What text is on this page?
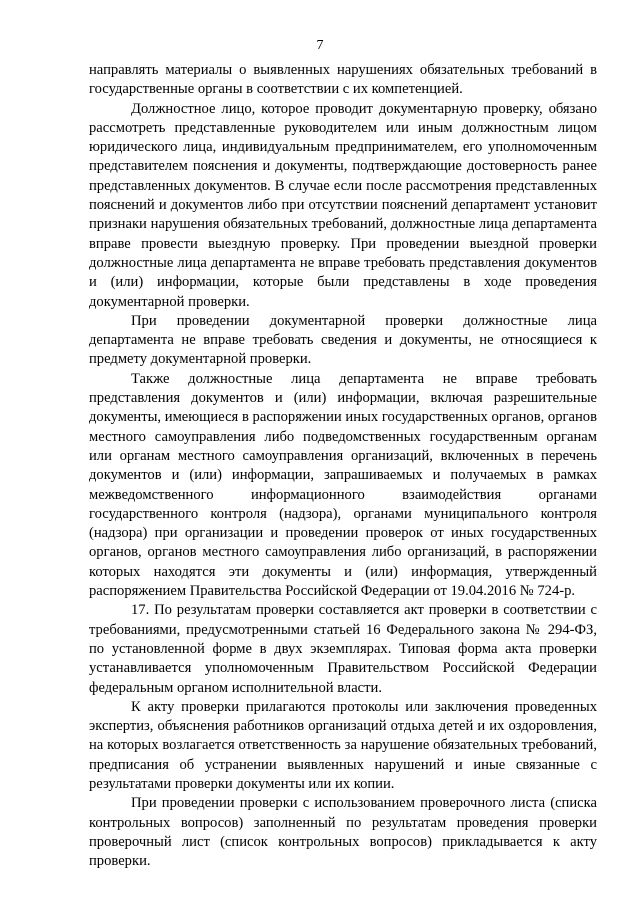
7

направлять материалы о выявленных нарушениях обязательных требований в государственные органы в соответствии с их компетенцией.

Должностное лицо, которое проводит документарную проверку, обязано рассмотреть представленные руководителем или иным должностным лицом юридического лица, индивидуальным предпринимателем, его уполномоченным представителем пояснения и документы, подтверждающие достоверность ранее представленных документов. В случае если после рассмотрения представленных пояснений и документов либо при отсутствии пояснений департамент установит признаки нарушения обязательных требований, должностные лица департамента вправе провести выездную проверку. При проведении выездной проверки должностные лица департамента не вправе требовать представления документов и (или) информации, которые были представлены в ходе проведения документарной проверки.

При проведении документарной проверки должностные лица департамента не вправе требовать сведения и документы, не относящиеся к предмету документарной проверки.

Также должностные лица департамента не вправе требовать представления документов и (или) информации, включая разрешительные документы, имеющиеся в распоряжении иных государственных органов, органов местного самоуправления либо подведомственных государственным органам или органам местного самоуправления организаций, включенных в перечень документов и (или) информации, запрашиваемых и получаемых в рамках межведомственного информационного взаимодействия органами государственного контроля (надзора), органами муниципального контроля (надзора) при организации и проведении проверок от иных государственных органов, органов местного самоуправления либо организаций, в распоряжении которых находятся эти документы и (или) информация, утвержденный распоряжением Правительства Российской Федерации от 19.04.2016 № 724-р.

17. По результатам проверки составляется акт проверки в соответствии с требованиями, предусмотренными статьей 16 Федерального закона № 294-ФЗ, по установленной форме в двух экземплярах. Типовая форма акта проверки устанавливается уполномоченным Правительством Российской Федерации федеральным органом исполнительной власти.

К акту проверки прилагаются протоколы или заключения проведенных экспертиз, объяснения работников организаций отдыха детей и их оздоровления, на которых возлагается ответственность за нарушение обязательных требований, предписания об устранении выявленных нарушений и иные связанные с результатами проверки документы или их копии.

При проведении проверки с использованием проверочного листа (списка контрольных вопросов) заполненный по результатам проведения проверки проверочный лист (список контрольных вопросов) прикладывается к акту проверки.
